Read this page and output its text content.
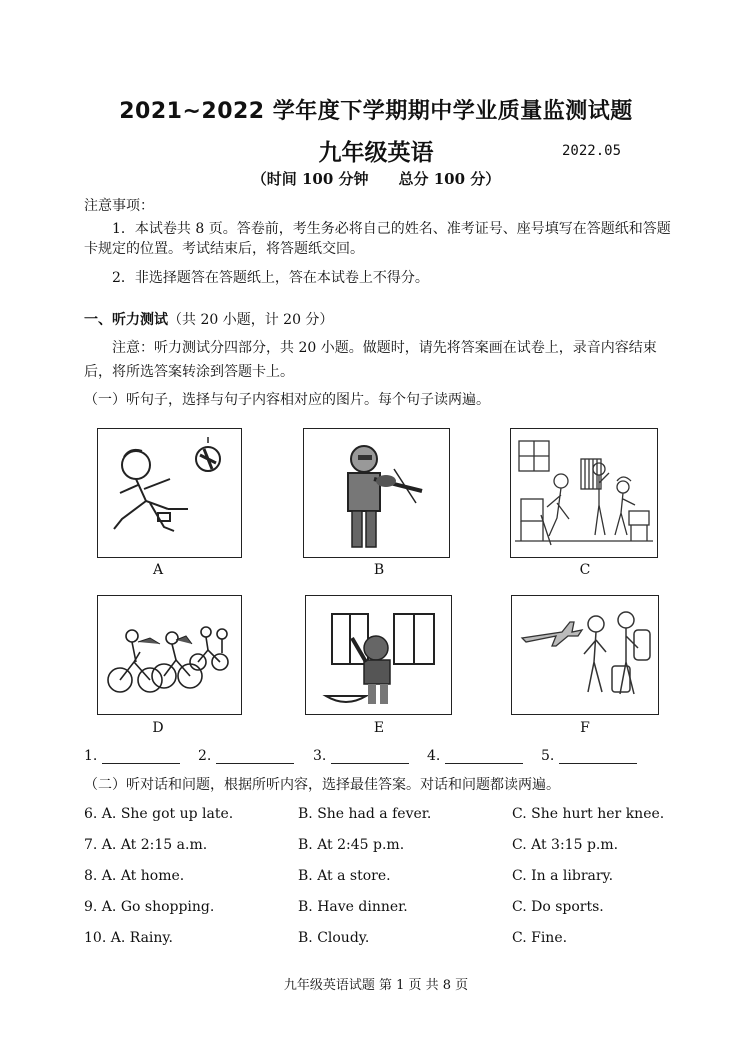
2021~2022 学年度下学期期中学业质量监测试题
九年级英语	2022.05
（时间 100 分钟　　总分 100 分）
注意事项：
1．本试卷共 8 页。答卷前，考生务必将自己的姓名、准考证号、座号填写在答题纸和答题卡规定的位置。考试结束后，将答题纸交回。
2．非选择题答在答题纸上，答在本试卷上不得分。
一、听力测试（共 20 小题，计 20 分）
注意：听力测试分四部分，共 20 小题。做题时，请先将答案画在试卷上，录音内容结束后，将所选答案转涂到答题卡上。
（一）听句子，选择与句子内容相对应的图片。每个句子读两遍。
A	B	C
D	E	F
1.	2.	3.	4.	5.
（二）听对话和问题，根据所听内容，选择最佳答案。对话和问题都读两遍。
6. A. She got up late.	B. She had a fever.	C. She hurt her knee.
7. A. At 2:15 a.m.	B. At 2:45 p.m.	C. At 3:15 p.m.
8. A. At home.	B. At a store.	C. In a library.
9. A. Go shopping.	B. Have dinner.	C. Do sports.
10. A. Rainy.	B. Cloudy.	C. Fine.
九年级英语试题 第 1 页 共 8 页
